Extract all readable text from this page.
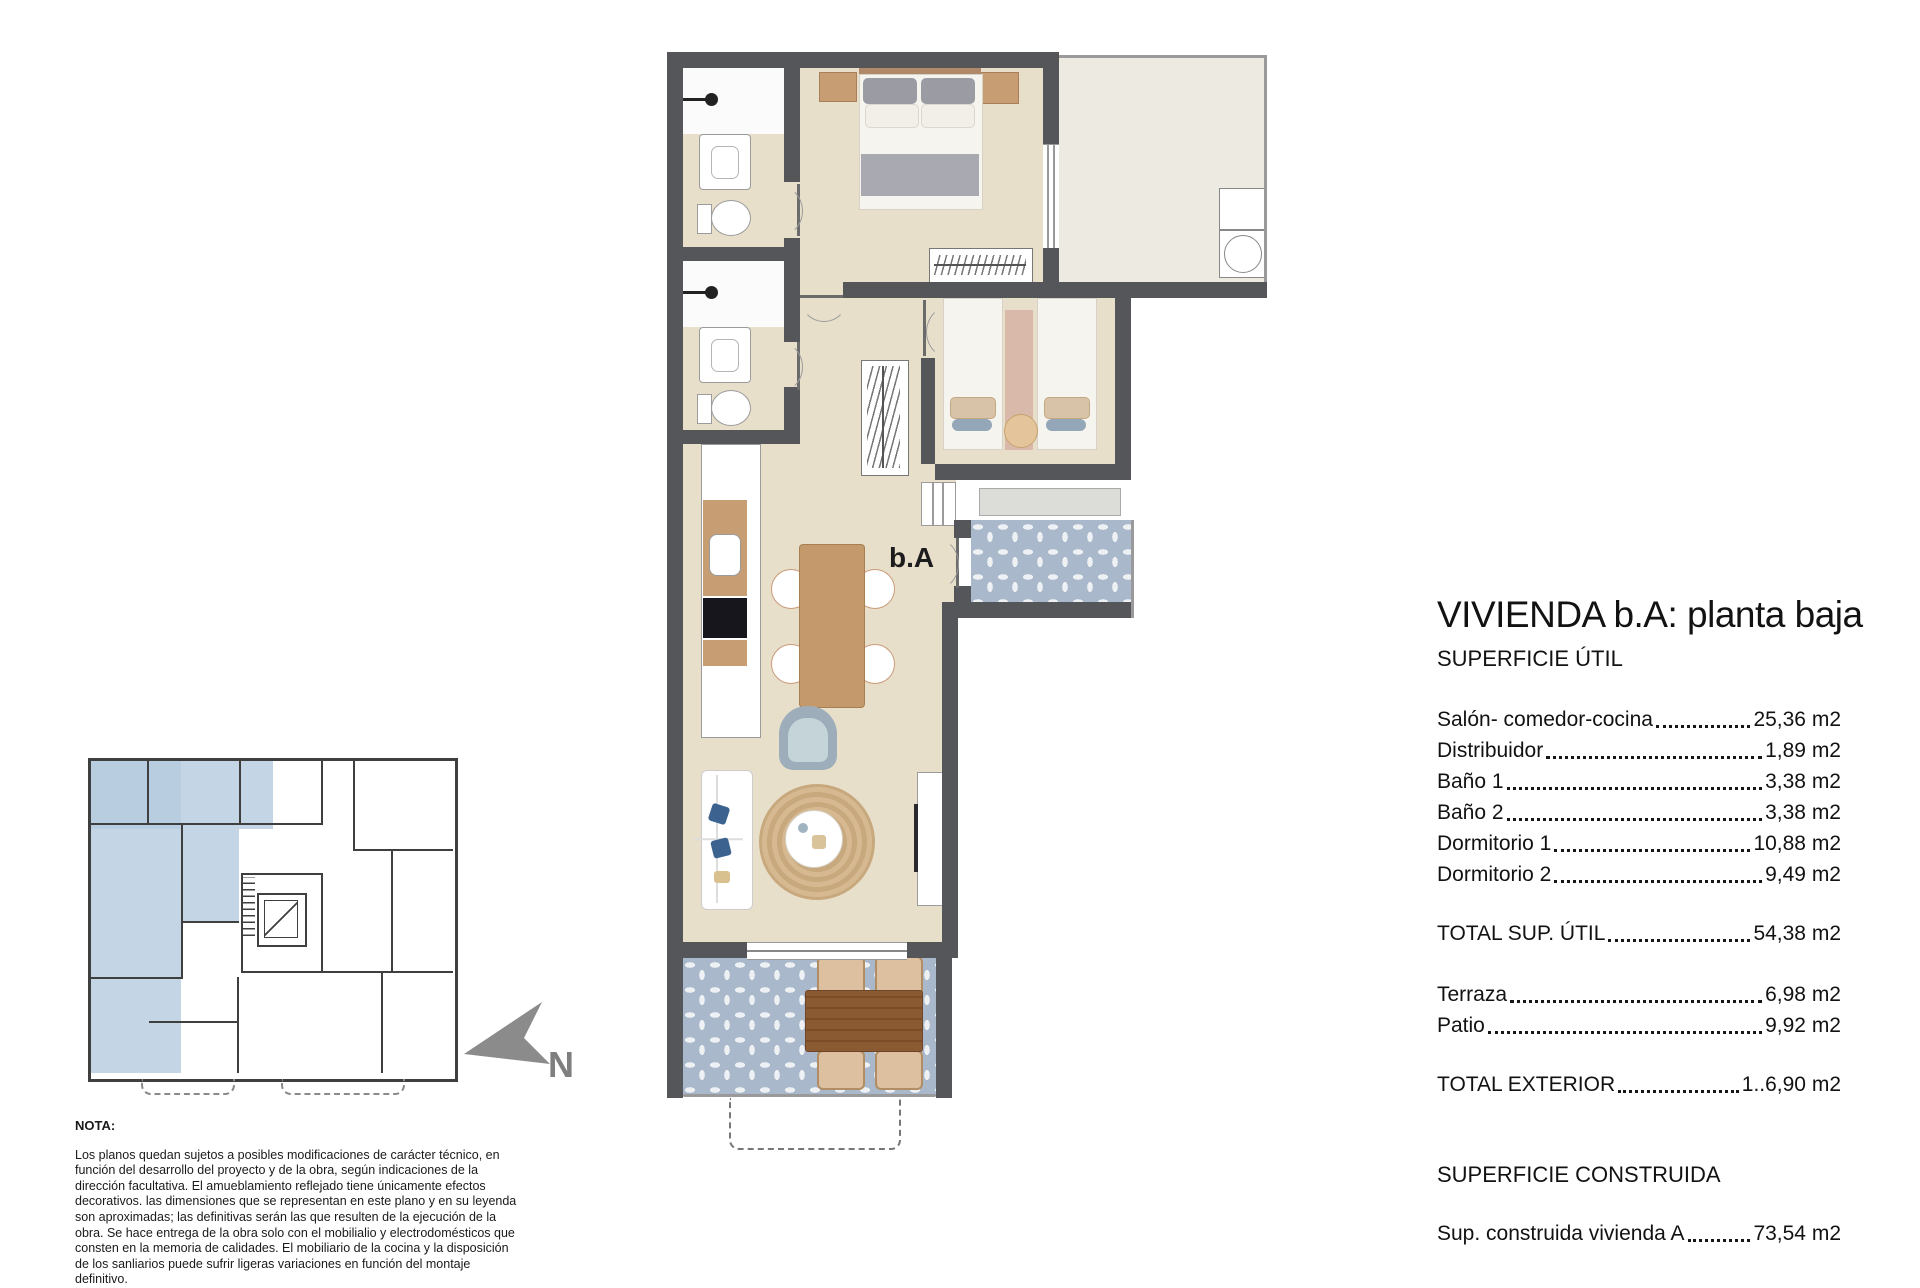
b.A
N
VIVIENDA b.A: planta baja
SUPERFICIE ÚTIL
Salón- comedor-cocina	25,36 m2
Distribuidor	1,89 m2
Baño 1	3,38 m2
Baño 2	3,38 m2
Dormitorio 1	10,88 m2
Dormitorio 2	9,49 m2
TOTAL SUP. ÚTIL	54,38 m2
Terraza	6,98 m2
Patio	9,92 m2
TOTAL EXTERIOR	1..6,90 m2
SUPERFICIE CONSTRUIDA
Sup. construida vivienda A	73,54 m2
NOTA:
Los planos quedan sujetos a posibles modificaciones de carácter técnico, en función del desarrollo del proyecto y de la obra, según indicaciones de la dirección facultativa. El amueblamiento reflejado tiene únicamente efectos decorativos. las dimensiones que se representan en este plano y en su leyenda son aproximadas; las definitivas serán las que resulten de la ejecución de la obra. Se hace entrega de la obra solo con el mobilialio y electrodomésticos que consten en la memoria de calidades. El mobiliario de la cocina y la disposición de los sanliarios puede sufrir ligeras variaciones en función del montaje definitivo.
